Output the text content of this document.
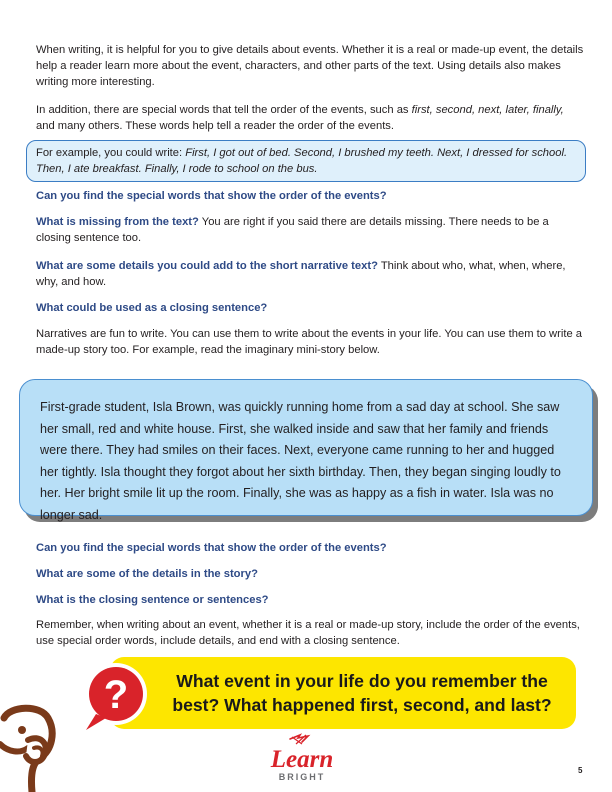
When writing, it is helpful for you to give details about events. Whether it is a real or made-up event, the details help a reader learn more about the event, characters, and other parts of the text. Using details also makes writing more interesting.

In addition, there are special words that tell the order of the events, such as first, second, next, later, finally, and many others. These words help tell a reader the order of the events.

For example, you could write: First, I got out of bed. Second, I brushed my teeth. Next, I dressed for school. Then, I ate breakfast. Finally, I rode to school on the bus.

Can you find the special words that show the order of the events?

What is missing from the text? You are right if you said there are details missing. There needs to be a closing sentence too.

What are some details you could add to the short narrative text? Think about who, what, when, where, why, and how.

What could be used as a closing sentence?

Narratives are fun to write. You can use them to write about the events in your life. You can use them to write a made-up story too. For example, read the imaginary mini-story below.

First-grade student, Isla Brown, was quickly running home from a sad day at school. She saw her small, red and white house. First, she walked inside and saw that her family and friends were there. They had smiles on their faces. Next, everyone came running to her and hugged her tightly. Isla thought they forgot about her sixth birthday. Then, they began singing loudly to her. Her bright smile lit up the room. Finally, she was as happy as a fish in water. Isla was no longer sad.

Can you find the special words that show the order of the events?

What are some of the details in the story?

What is the closing sentence or sentences?

Remember, when writing about an event, whether it is a real or made-up story, include the order of the events, use special order words, include details, and end with a closing sentence.

What event in your life do you remember the
best? What happened first, second, and last?
?
Learn
BRIGHT
5
